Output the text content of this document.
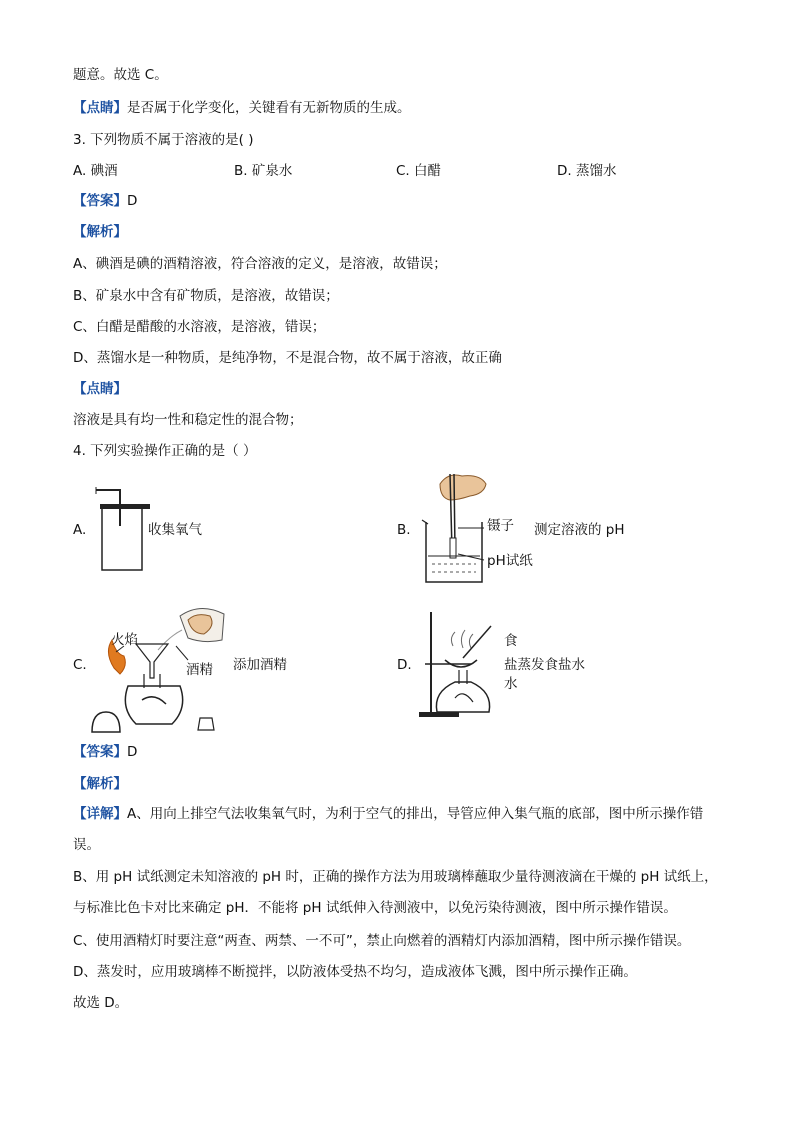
题意。故选 C。
【点睛】是否属于化学变化，关键看有无新物质的生成。
3. 下列物质不属于溶液的是( )
A. 碘酒	B. 矿泉水	C. 白醋	D. 蒸馏水
【答案】D
【解析】
A、碘酒是碘的酒精溶液，符合溶液的定义，是溶液，故错误；
B、矿泉水中含有矿物质，是溶液，故错误；
C、白醋是醋酸的水溶液，是溶液，错误；
D、蒸馏水是一种物质，是纯净物，不是混合物，故不属于溶液，故正确
【点睛】
溶液是具有均一性和稳定性的混合物；
4. 下列实验操作正确的是（ ）
A.	收集氧气	B.	镊子 测定溶液的 pH
pH试纸
C.
火焰
酒精 添加酒精	D.
食
盐蒸发食盐水
水
【答案】D
【解析】
【详解】A、用向上排空气法收集氧气时，为利于空气的排出，导管应伸入集气瓶的底部，图中所示操作错误。
B、用 pH 试纸测定未知溶液的 pH 时，正确的操作方法为用玻璃棒蘸取少量待测液滴在干燥的 pH 试纸上，与标准比色卡对比来确定 pH．不能将 pH 试纸伸入待测液中，以免污染待测液，图中所示操作错误。
C、使用酒精灯时要注意“两查、两禁、一不可”，禁止向燃着的酒精灯内添加酒精，图中所示操作错误。
D、蒸发时，应用玻璃棒不断搅拌，以防液体受热不均匀，造成液体飞溅，图中所示操作正确。
故选 D。
